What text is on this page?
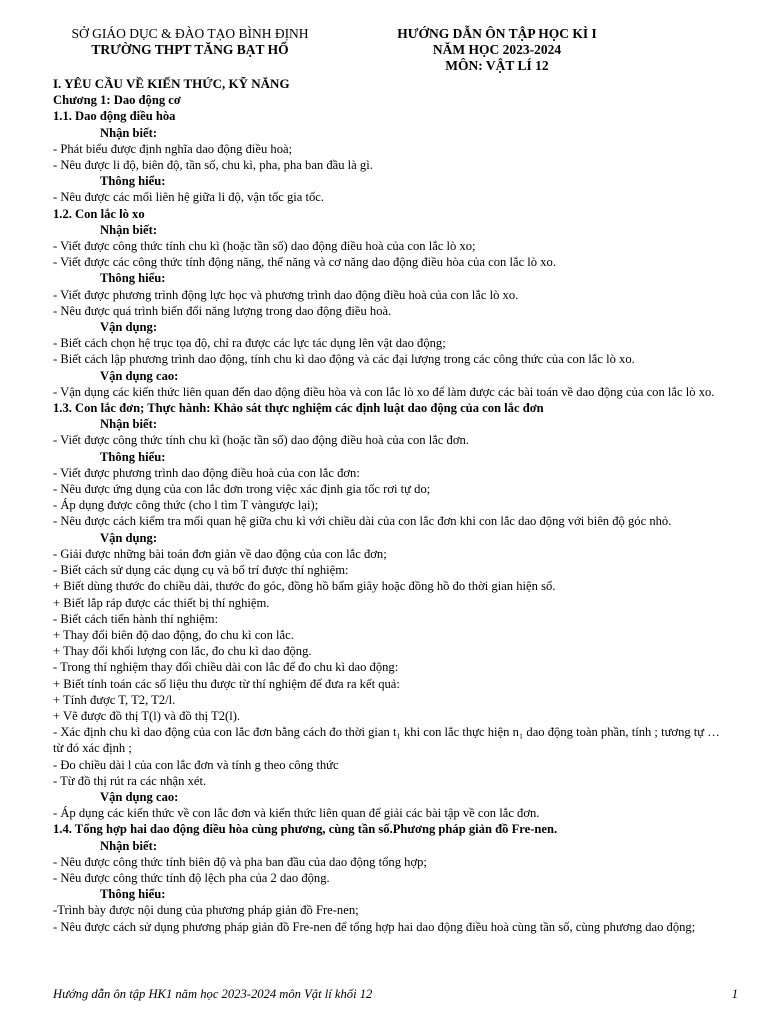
SỞ GIÁO DỤC & ĐÀO TẠO BÌNH ĐỊNH
TRƯỜNG THPT TĂNG BẠT HỔ
HƯỚNG DẪN ÔN TẬP HỌC KÌ I
NĂM HỌC 2023-2024
MÔN: VẬT LÍ 12
I. YÊU CẦU VỀ KIẾN THỨC, KỸ NĂNG
Chương 1: Dao động cơ
1.1. Dao động điều hòa
Nhận biết:
- Phát biểu được định nghĩa dao động điều hoà;
- Nêu được li độ, biên độ, tần số, chu kì, pha, pha ban đầu là gì.
Thông hiểu:
- Nêu được các mối liên hệ giữa li độ, vận tốc gia tốc.
1.2. Con lắc lò xo
Nhận biết:
- Viết được công thức tính chu kì (hoặc tần số) dao động điều hoà của con lắc lò xo;
- Viết được các công thức tính động năng, thế năng và cơ năng dao động điều hòa của con lắc lò xo.
Thông hiểu:
- Viết được phương trình động lực học và phương trình dao động điều hoà của con lắc lò xo.
- Nêu được quá trình biến đổi năng lượng trong dao động điều hoà.
Vận dụng:
- Biết cách chọn hệ trục tọa độ, chỉ ra được các lực tác dụng lên vật dao động;
- Biết cách lập phương trình dao động, tính chu kì dao động và các đại lượng trong các công thức của con lắc lò xo.
Vận dụng cao:
- Vận dụng các kiến thức liên quan đến dao động điều hòa và con lắc lò xo để làm được các bài toán về dao động của con lắc lò xo.
1.3. Con lắc đơn; Thực hành: Khảo sát thực nghiệm các định luật dao động của con lắc đơn
Nhận biết:
- Viết được công thức tính chu kì (hoặc tần số) dao động điều hoà của con lắc đơn.
Thông hiểu:
- Viết được phương trình dao động điều hoà của con lắc đơn:
- Nêu được ứng dụng của con lắc đơn trong việc xác định gia tốc rơi tự do;
- Áp dụng được công thức (cho l tìm T vàngược lại);
- Nêu được cách kiểm tra mối quan hệ giữa chu kì với chiều dài của con lắc đơn khi con lắc dao động với biên độ góc nhỏ.
Vận dụng:
- Giải được những bài toán đơn giản về dao động của con lắc đơn;
- Biết cách sử dụng các dụng cụ và bố trí được thí nghiệm:
+ Biết dùng thước đo chiều dài, thước đo góc, đồng hồ bấm giây hoặc đồng hồ đo thời gian hiện số.
+ Biết lắp ráp được các thiết bị thí nghiệm.
- Biết cách tiến hành thí nghiệm:
+ Thay đổi biên độ dao động, đo chu kì con lắc.
+ Thay đổi khối lượng con lắc, đo chu kì dao động.
- Trong thí nghiệm thay đổi chiều dài con lắc để đo chu kì dao động:
+ Biết tính toán các số liệu thu được từ thí nghiệm để đưa ra kết quả:
+ Tính được T, T2, T2/l.
+ Vẽ được đồ thị T(l) và đồ thị T2(l).
- Xác định chu kì dao động của con lắc đơn bằng cách đo thời gian t₁ khi con lắc thực hiện n₁ dao động toàn phần, tính ; tương tự … từ đó xác định ;
- Đo chiều dài l của con lắc đơn và tính g theo công thức
- Từ đồ thị rút ra các nhận xét.
Vận dụng cao:
- Áp dụng các kiến thức về con lắc đơn và kiến thức liên quan để giải các bài tập về con lắc đơn.
1.4. Tổng hợp hai dao động điều hòa cùng phương, cùng tần số.Phương pháp giản đồ Fre-nen.
Nhận biết:
- Nêu được công thức tính biên độ và pha ban đầu của dao động tổng hợp;
- Nêu được công thức tính độ lệch pha của 2 dao động.
Thông hiểu:
-Trình bày được nội dung của phương pháp giản đồ Fre-nen;
- Nêu được cách sử dụng phương pháp giản đồ Fre-nen để tổng hợp hai dao động điều hoà cùng tần số, cùng phương dao động;
Hướng dẫn ôn tập HK1 năm học 2023-2024 môn Vật lí khối 12	1
